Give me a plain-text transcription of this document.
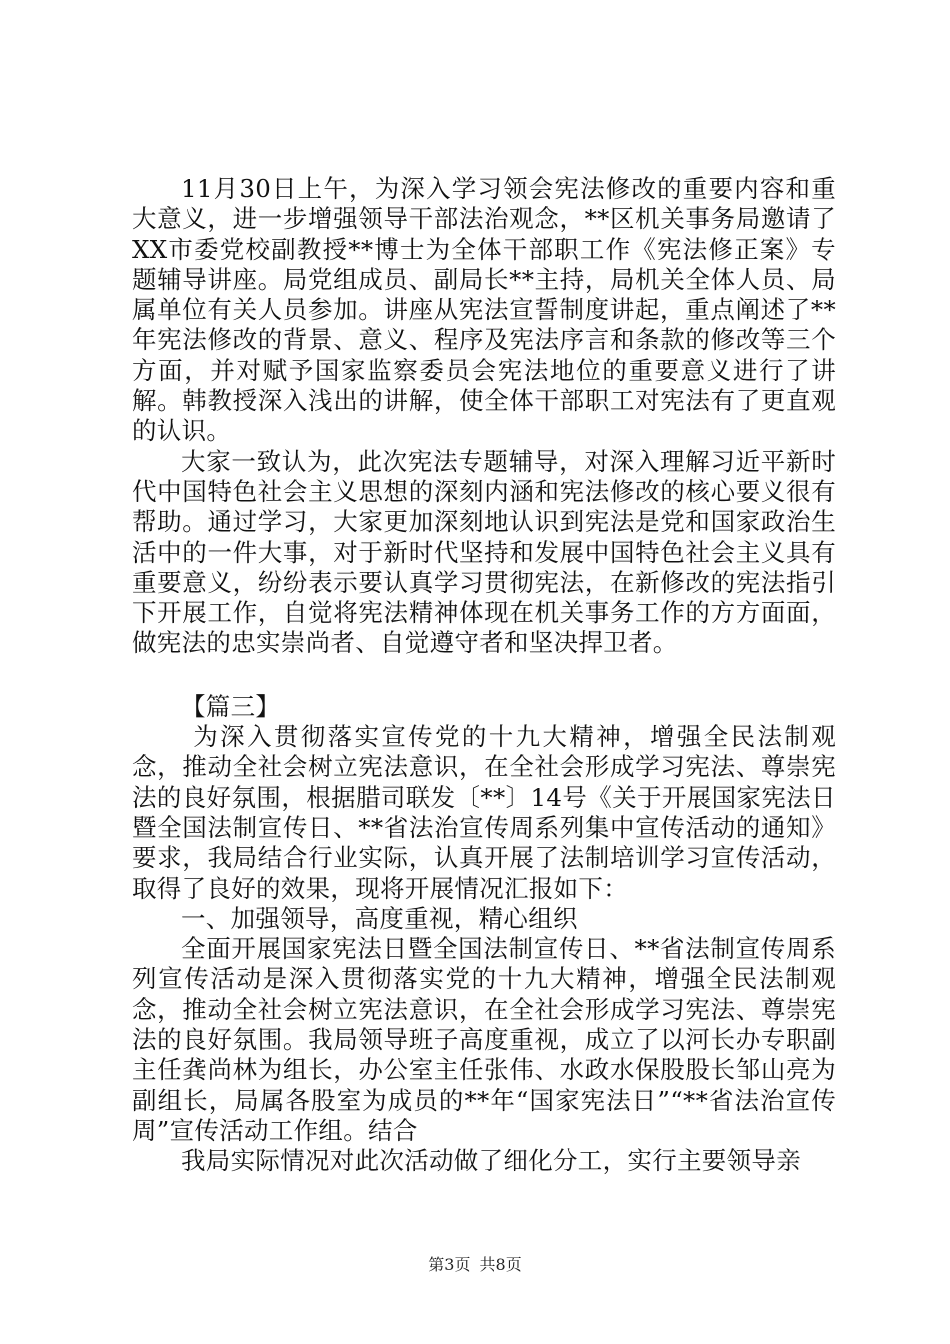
11月30日上午，为深入学习领会宪法修改的重要内容和重大意义，进一步增强领导干部法治观念，**区机关事务局邀请了XX市委党校副教授**博士为全体干部职工作《宪法修正案》专题辅导讲座。局党组成员、副局长**主持，局机关全体人员、局属单位有关人员参加。讲座从宪法宣誓制度讲起，重点阐述了**年宪法修改的背景、意义、程序及宪法序言和条款的修改等三个方面，并对赋予国家监察委员会宪法地位的重要意义进行了讲解。韩教授深入浅出的讲解，使全体干部职工对宪法有了更直观的认识。

大家一致认为，此次宪法专题辅导，对深入理解习近平新时代中国特色社会主义思想的深刻内涵和宪法修改的核心要义很有帮助。通过学习，大家更加深刻地认识到宪法是党和国家政治生活中的一件大事，对于新时代坚持和发展中国特色社会主义具有重要意义，纷纷表示要认真学习贯彻宪法，在新修改的宪法指引下开展工作，自觉将宪法精神体现在机关事务工作的方方面面，做宪法的忠实崇尚者、自觉遵守者和坚决捍卫者。

【篇三】

为深入贯彻落实宣传党的十九大精神，增强全民法制观念，推动全社会树立宪法意识，在全社会形成学习宪法、尊崇宪法的良好氛围，根据腊司联发〔**〕14号《关于开展国家宪法日暨全国法制宣传日、**省法治宣传周系列集中宣传活动的通知》要求，我局结合行业实际，认真开展了法制培训学习宣传活动，取得了良好的效果，现将开展情况汇报如下：

一、加强领导，高度重视，精心组织

全面开展国家宪法日暨全国法制宣传日、**省法制宣传周系列宣传活动是深入贯彻落实党的十九大精神，增强全民法制观念，推动全社会树立宪法意识，在全社会形成学习宪法、尊崇宪法的良好氛围。我局领导班子高度重视，成立了以河长办专职副主任龚尚林为组长，办公室主任张伟、水政水保股股长邹山亮为副组长，局属各股室为成员的**年“国家宪法日”“**省法治宣传周”宣传活动工作组。结合

我局实际情况对此次活动做了细化分工，实行主要领导亲

第3页 共8页
